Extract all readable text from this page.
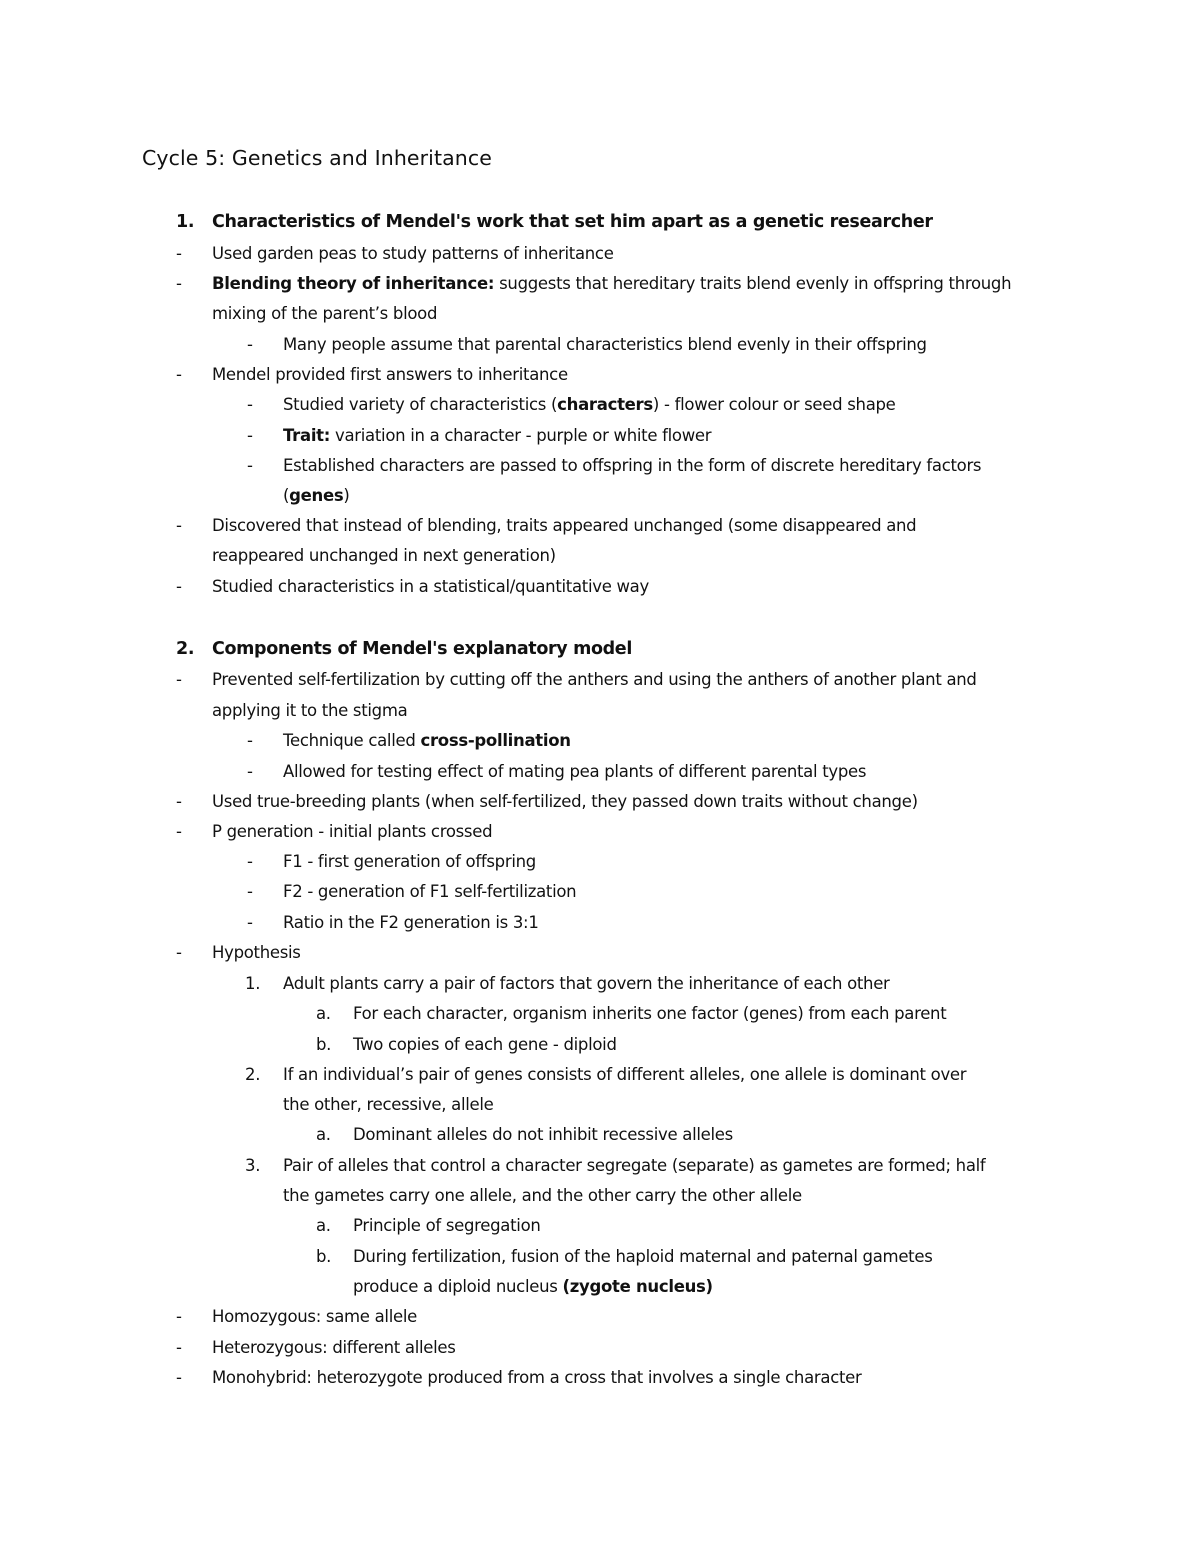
Cycle 5: Genetics and Inheritance
1. Characteristics of Mendel's work that set him apart as a genetic researcher
- Used garden peas to study patterns of inheritance
- Blending theory of inheritance: suggests that hereditary traits blend evenly in offspring through
mixing of the parent’s blood
- Many people assume that parental characteristics blend evenly in their offspring
- Mendel provided first answers to inheritance
- Studied variety of characteristics (characters) - flower colour or seed shape
- Trait: variation in a character - purple or white flower
- Established characters are passed to offspring in the form of discrete hereditary factors
(genes)
- Discovered that instead of blending, traits appeared unchanged (some disappeared and
reappeared unchanged in next generation)
- Studied characteristics in a statistical/quantitative way
2. Components of Mendel's explanatory model
- Prevented self-fertilization by cutting off the anthers and using the anthers of another plant and
applying it to the stigma
- Technique called cross-pollination
- Allowed for testing effect of mating pea plants of different parental types
- Used true-breeding plants (when self-fertilized, they passed down traits without change)
- P generation - initial plants crossed
- F1 - first generation of offspring
- F2 - generation of F1 self-fertilization
- Ratio in the F2 generation is 3:1
- Hypothesis
1. Adult plants carry a pair of factors that govern the inheritance of each other
a. For each character, organism inherits one factor (genes) from each parent
b. Two copies of each gene - diploid
2. If an individual’s pair of genes consists of different alleles, one allele is dominant over
the other, recessive, allele
a. Dominant alleles do not inhibit recessive alleles
3. Pair of alleles that control a character segregate (separate) as gametes are formed; half
the gametes carry one allele, and the other carry the other allele
a. Principle of segregation
b. During fertilization, fusion of the haploid maternal and paternal gametes
produce a diploid nucleus (zygote nucleus)
- Homozygous: same allele
- Heterozygous: different alleles
- Monohybrid: heterozygote produced from a cross that involves a single character
